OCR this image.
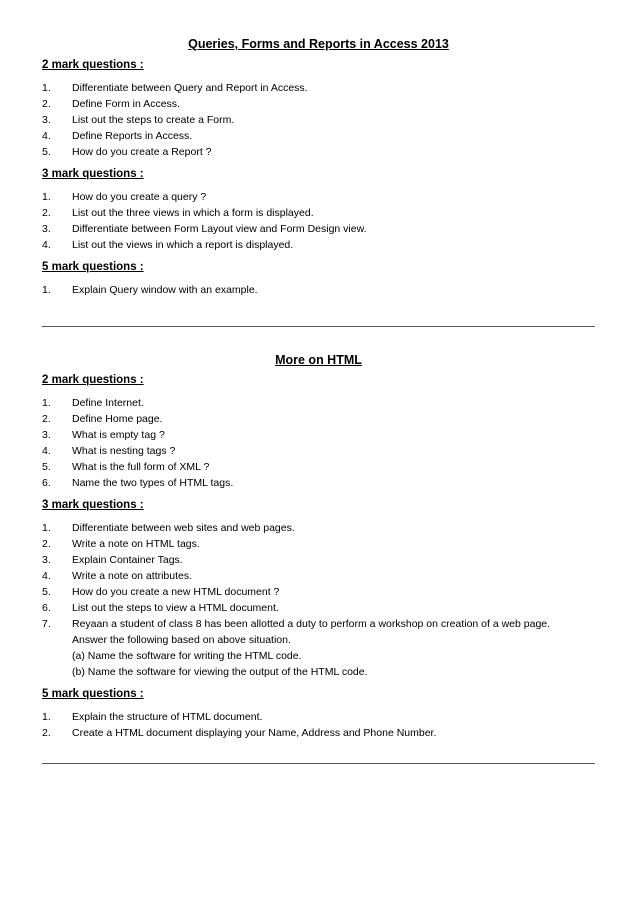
Queries, Forms and Reports in Access 2013
2 mark questions :
1. Differentiate between Query and Report in Access.
2. Define Form in Access.
3. List out the steps to create a Form.
4. Define Reports in Access.
5. How do you create a Report ?
3 mark questions :
1. How do you create a query ?
2. List out the three views in which a form is displayed.
3. Differentiate between Form Layout view and Form Design view.
4. List out the views in which a report is displayed.
5 mark questions :
1. Explain Query window with an example.
More on HTML
2 mark questions :
1. Define Internet.
2. Define Home page.
3. What is empty tag ?
4. What is nesting tags ?
5. What is the full form of XML ?
6. Name the two types of HTML tags.
3 mark questions :
1. Differentiate between web sites and web pages.
2. Write a note on HTML tags.
3. Explain Container Tags.
4. Write a note on attributes.
5. How do you create a new HTML document ?
6. List out the steps to view a HTML document.
7. Reyaan a student of class 8 has been allotted a duty to perform a workshop on creation of a web page.
Answer the following based on above situation.
(a) Name the software for writing the HTML code.
(b) Name the software for viewing the output of the HTML code.
5 mark questions :
1. Explain the structure of HTML document.
2. Create a HTML document displaying your Name, Address and Phone Number.
